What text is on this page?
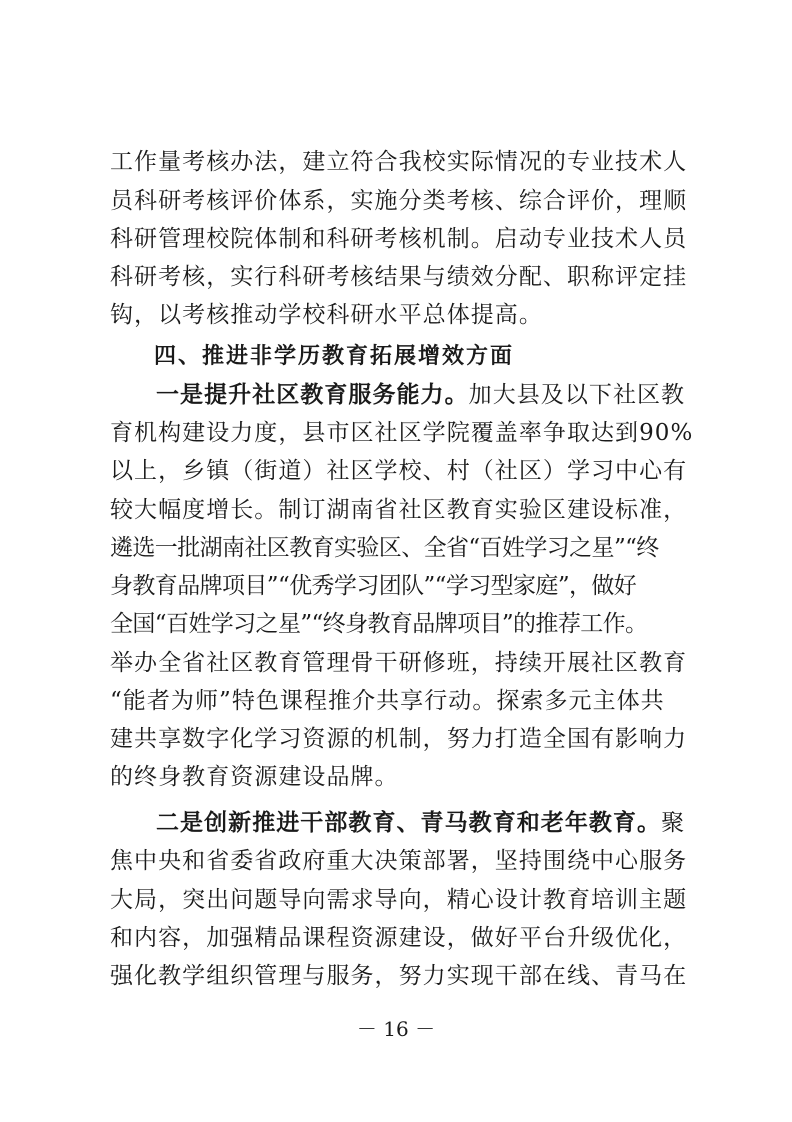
工作量考核办法，建立符合我校实际情况的专业技术人
员科研考核评价体系，实施分类考核、综合评价，理顺
科研管理校院体制和科研考核机制。启动专业技术人员
科研考核，实行科研考核结果与绩效分配、职称评定挂
钩，以考核推动学校科研水平总体提高。
四、推进非学历教育拓展增效方面
一是提升社区教育服务能力。加大县及以下社区教
育机构建设力度，县市区社区学院覆盖率争取达到90%
以上，乡镇（街道）社区学校、村（社区）学习中心有
较大幅度增长。制订湖南省社区教育实验区建设标准，
遴选一批湖南社区教育实验区、全省“百姓学习之星”“终
身教育品牌项目”“优秀学习团队”“学习型家庭”，做好
全国“百姓学习之星”“终身教育品牌项目”的推荐工作。
举办全省社区教育管理骨干研修班，持续开展社区教育
“能者为师”特色课程推介共享行动。探索多元主体共
建共享数字化学习资源的机制，努力打造全国有影响力
的终身教育资源建设品牌。
二是创新推进干部教育、青马教育和老年教育。聚
焦中央和省委省政府重大决策部署，坚持围绕中心服务
大局，突出问题导向需求导向，精心设计教育培训主题
和内容，加强精品课程资源建设，做好平台升级优化，
强化教学组织管理与服务，努力实现干部在线、青马在
－ 16 －
